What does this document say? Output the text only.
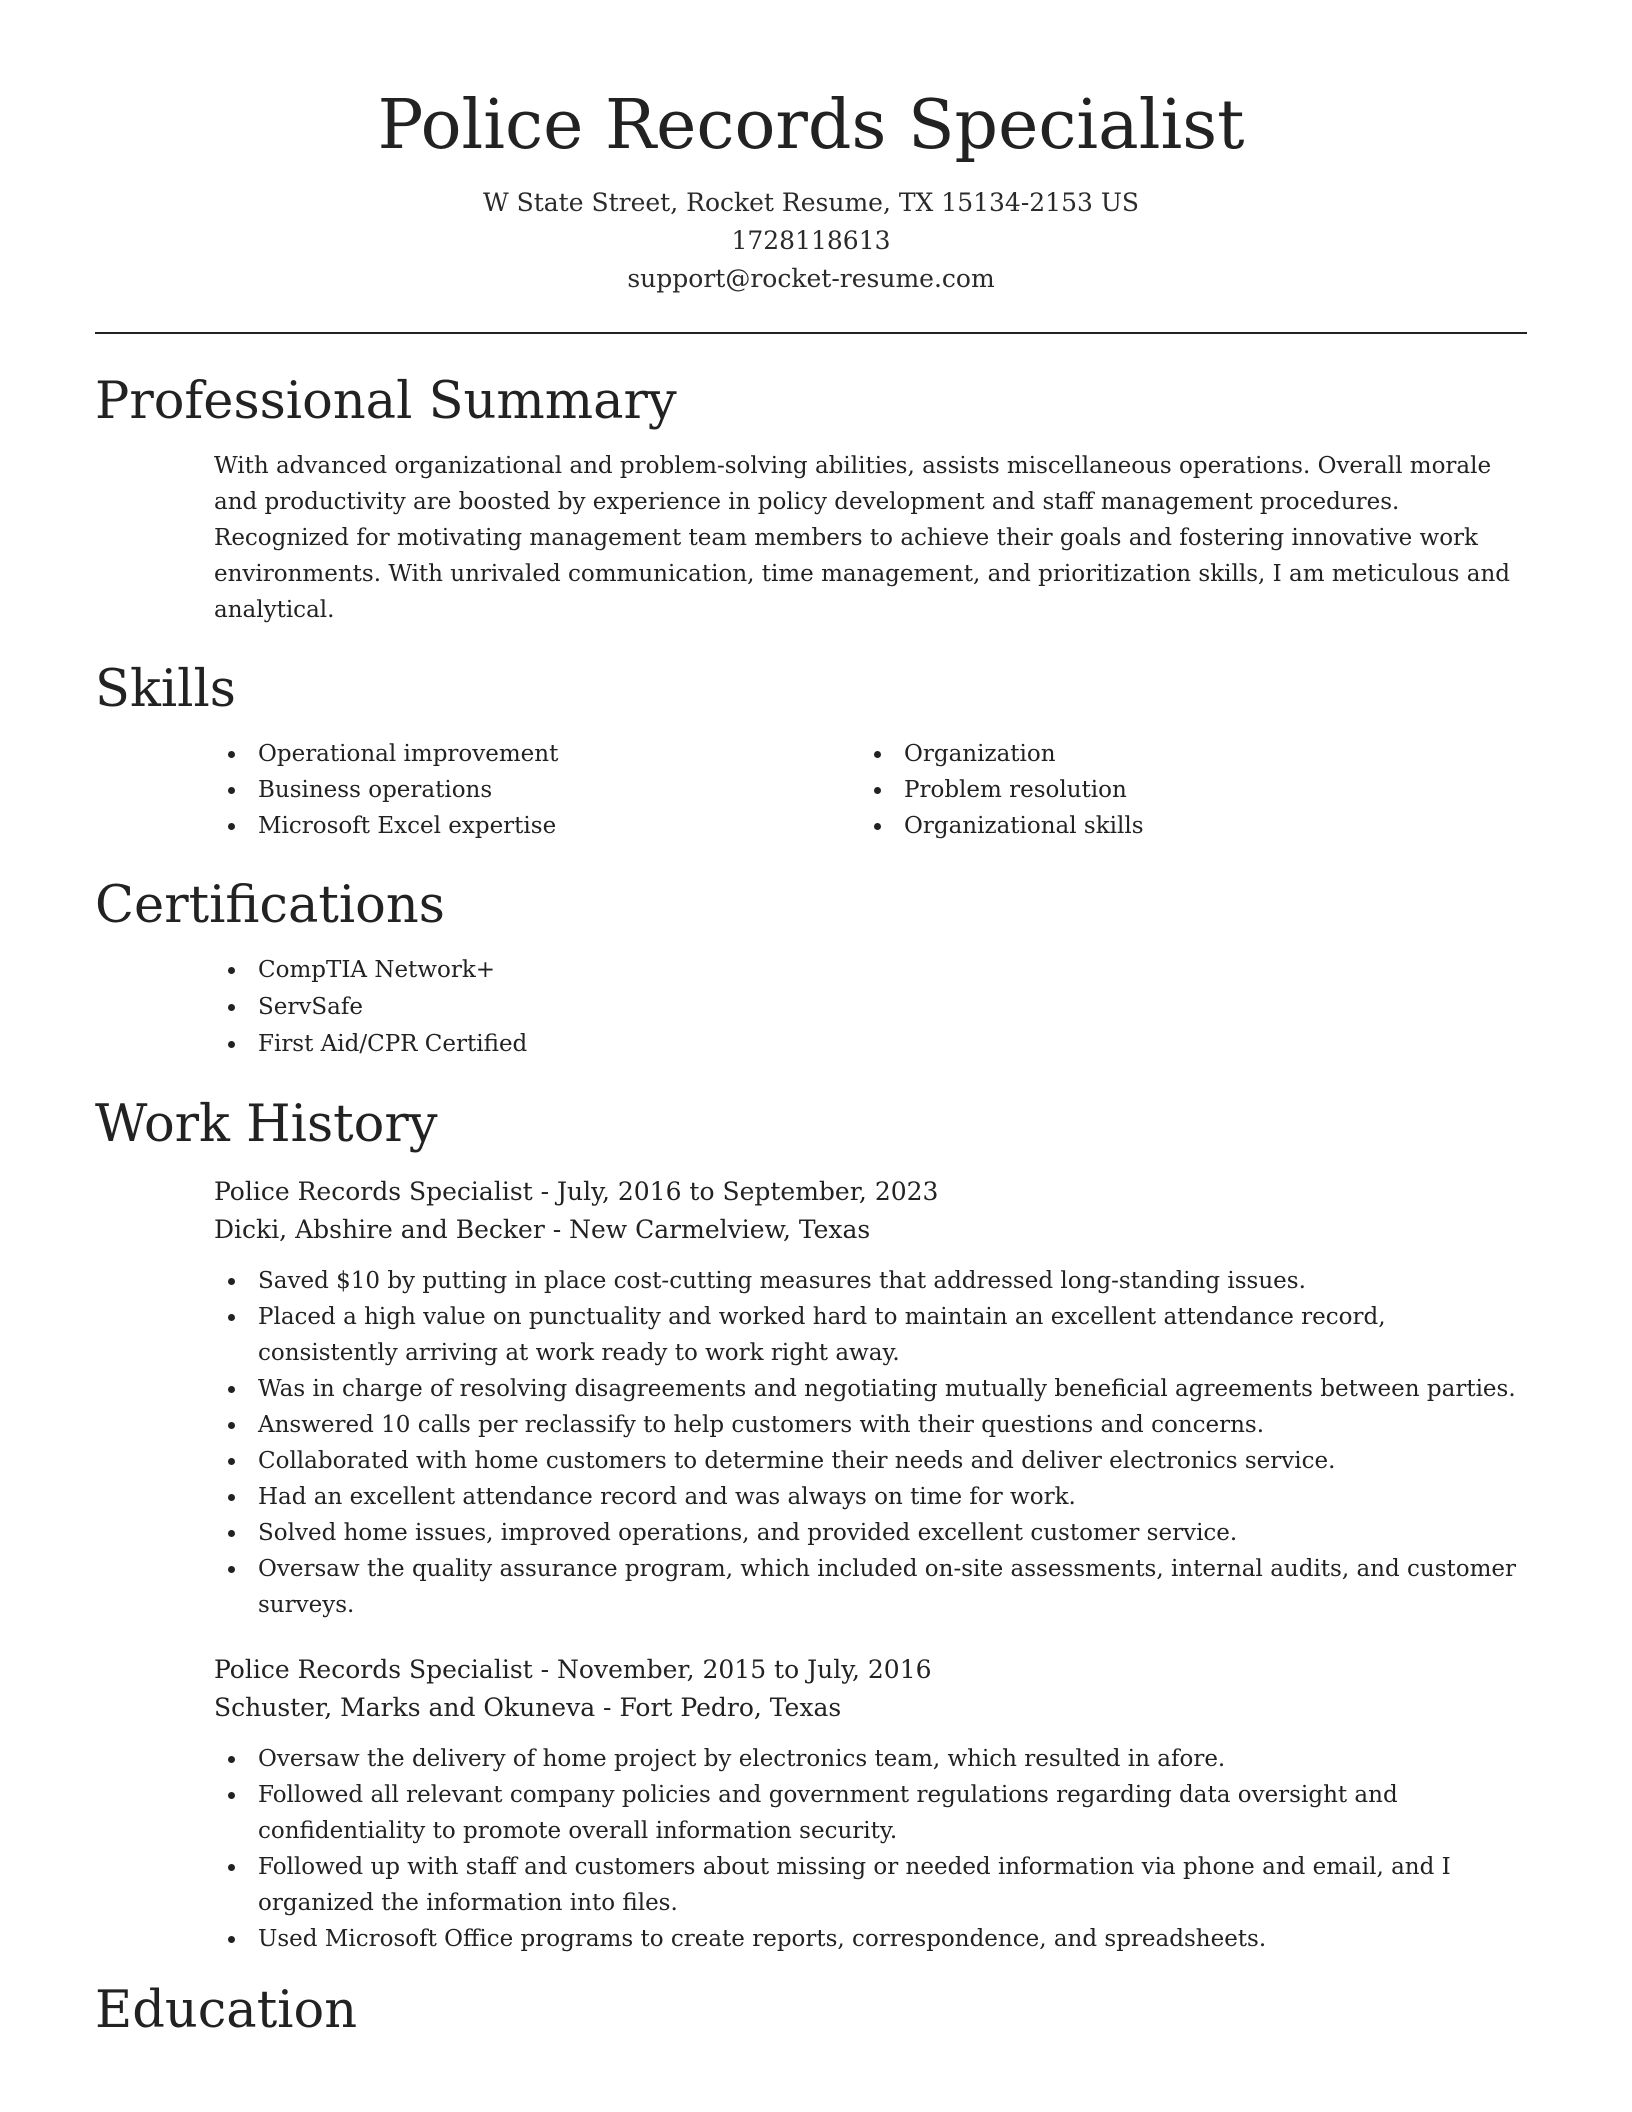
Police Records Specialist
W State Street, Rocket Resume, TX 15134-2153 US
1728118613
support@rocket-resume.com
Professional Summary

With advanced organizational and problem-solving abilities, assists miscellaneous operations. Overall morale and productivity are boosted by experience in policy development and staff management procedures. Recognized for motivating management team members to achieve their goals and fostering innovative work environments. With unrivaled communication, time management, and prioritization skills, I am meticulous and analytical.

Skills
Operational improvement
Business operations
Microsoft Excel expertise
Organization
Problem resolution
Organizational skills
Certifications
CompTIA Network+
ServSafe
First Aid/CPR Certified
Work History
Police Records Specialist - July, 2016 to September, 2023
Dicki, Abshire and Becker - New Carmelview, Texas
Saved $10 by putting in place cost-cutting measures that addressed long-standing issues.
Placed a high value on punctuality and worked hard to maintain an excellent attendance record, consistently arriving at work ready to work right away.
Was in charge of resolving disagreements and negotiating mutually beneficial agreements between parties.
Answered 10 calls per reclassify to help customers with their questions and concerns.
Collaborated with home customers to determine their needs and deliver electronics service.
Had an excellent attendance record and was always on time for work.
Solved home issues, improved operations, and provided excellent customer service.
Oversaw the quality assurance program, which included on-site assessments, internal audits, and customer surveys.
Police Records Specialist - November, 2015 to July, 2016
Schuster, Marks and Okuneva - Fort Pedro, Texas
Oversaw the delivery of home project by electronics team, which resulted in afore.
Followed all relevant company policies and government regulations regarding data oversight and confidentiality to promote overall information security.
Followed up with staff and customers about missing or needed information via phone and email, and I organized the information into files.
Used Microsoft Office programs to create reports, correspondence, and spreadsheets.
Education
